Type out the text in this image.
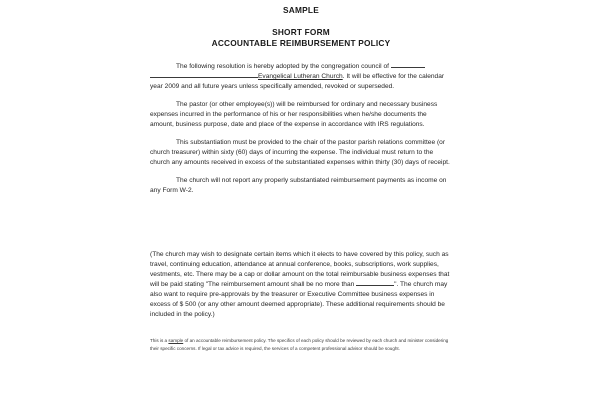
SAMPLE
SHORT FORM
ACCOUNTABLE REIMBURSEMENT POLICY

The following resolution is hereby adopted by the congregation council of
Evangelical Lutheran Church. It will be effective for the calendar year 2009 and all future years unless specifically amended, revoked or superseded.

The pastor (or other employee(s)) will be reimbursed for ordinary and necessary business expenses incurred in the performance of his or her responsibilities when he/she documents the amount, business purpose, date and place of the expense in accordance with IRS regulations.

This substantiation must be provided to the chair of the pastor parish relations committee (or church treasurer) within sixty (60) days of incurring the expense. The individual must return to the church any amounts received in excess of the substantiated expenses within thirty (30) days of receipt.

The church will not report any properly substantiated reimbursement payments as income on any Form W-2.

(The church may wish to designate certain items which it elects to have covered by this policy, such as travel, continuing education, attendance at annual conference, books, subscriptions, work supplies, vestments, etc. There may be a cap or dollar amount on the total reimbursable business expenses that will be paid stating "The reimbursement amount shall be no more than	". The church may also want to require pre-approvals by the treasurer or Executive Committee business expenses in excess of $ 500 (or any other amount deemed appropriate). These additional requirements should be included in the policy.)

This is a sample of an accountable reimbursement policy. The specifics of each policy should be reviewed by each church and minister considering their specific concerns. If legal or tax advice is required, the services of a competent professional advisor should be sought.
